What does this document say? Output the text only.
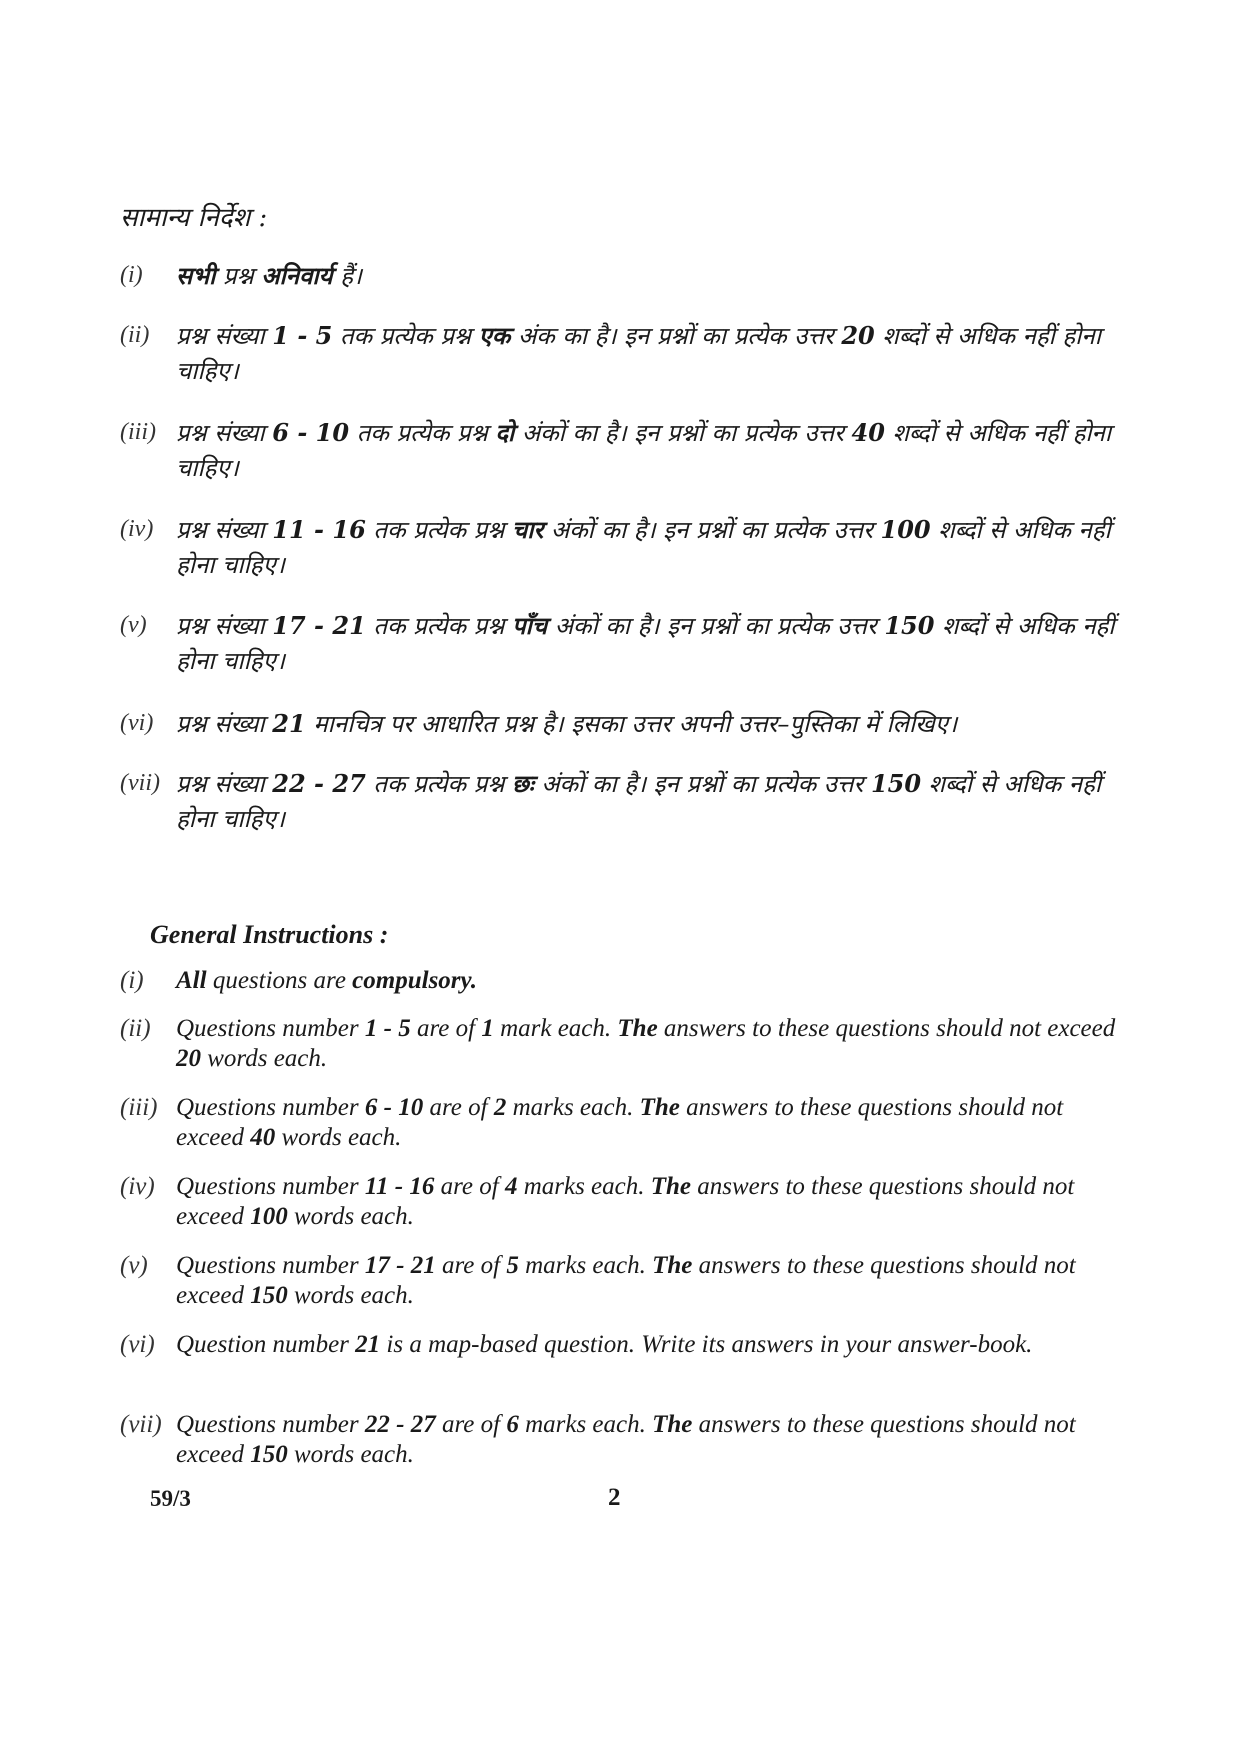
सामान्य निर्देश :
(i)	सभी प्रश्न अनिवार्य हैं।
(ii)	प्रश्न संख्या 1 - 5 तक प्रत्येक प्रश्न एक अंक का है। इन प्रश्नों का प्रत्येक उत्तर 20 शब्दों से अधिक नहीं होना चाहिए।
(iii) प्रश्न संख्या 6 - 10 तक प्रत्येक प्रश्न दो अंकों का है। इन प्रश्नों का प्रत्येक उत्तर 40 शब्दों से अधिक नहीं होना चाहिए।
(iv) प्रश्न संख्या 11 - 16 तक प्रत्येक प्रश्न चार अंकों का है। इन प्रश्नों का प्रत्येक उत्तर 100 शब्दों से अधिक नहीं होना चाहिए।
(v)	प्रश्न संख्या 17 - 21 तक प्रत्येक प्रश्न पाँच अंकों का है। इन प्रश्नों का प्रत्येक उत्तर 150 शब्दों से अधिक नहीं होना चाहिए।
(vi) प्रश्न संख्या 21 मानचित्र पर आधारित प्रश्न है। इसका उत्तर अपनी उत्तर–पुस्तिका में लिखिए।
(vii) प्रश्न संख्या 22 - 27 तक प्रत्येक प्रश्न छः अंकों का है। इन प्रश्नों का प्रत्येक उत्तर 150 शब्दों से अधिक नहीं होना चाहिए।
General Instructions :
(i)	All questions are compulsory.
(ii)	Questions number 1 - 5 are of 1 mark each. The answers to these questions should not exceed 20 words each.
(iii) Questions number 6 - 10 are of 2 marks each. The answers to these questions should not exceed 40 words each.
(iv) Questions number 11 - 16 are of 4 marks each. The answers to these questions should not exceed 100 words each.
(v)	Questions number 17 - 21 are of 5 marks each. The answers to these questions should not exceed 150 words each.
(vi) Question number 21 is a map-based question. Write its answers in your answer-book.
(vii) Questions number 22 - 27 are of 6 marks each. The answers to these questions should not exceed 150 words each.
59/3	2
